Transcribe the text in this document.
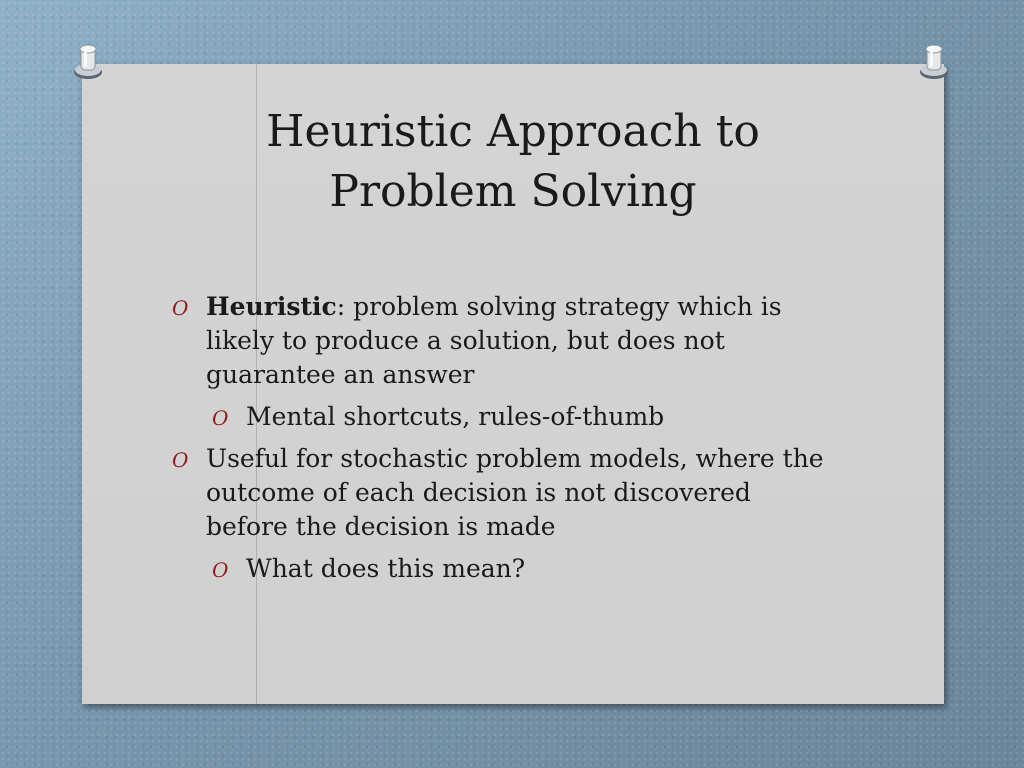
Heuristic Approach to
Problem Solving
O Heuristic: problem solving strategy which is likely to produce a solution, but does not guarantee an answer
O Mental shortcuts, rules-of-thumb
O Useful for stochastic problem models, where the outcome of each decision is not discovered before the decision is made
O What does this mean?
